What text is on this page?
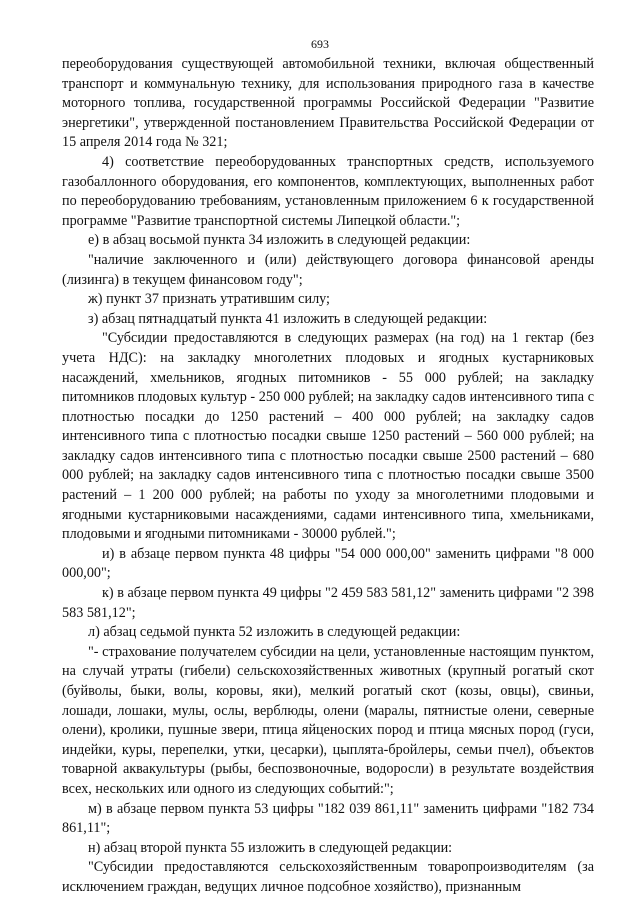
693

переоборудования существующей автомобильной техники, включая общественный транспорт и коммунальную технику, для использования природного газа в качестве моторного топлива, государственной программы Российской Федерации "Развитие энергетики", утвержденной постановлением Правительства Российской Федерации от 15 апреля 2014 года № 321;

4) соответствие переоборудованных транспортных средств, используемого газобаллонного оборудования, его компонентов, комплектующих, выполненных работ по переоборудованию требованиям, установленным приложением 6 к государственной программе "Развитие транспортной системы Липецкой области.";

е) в абзац восьмой пункта 34 изложить в следующей редакции:

"наличие заключенного и (или) действующего договора финансовой аренды (лизинга) в текущем финансовом году";

ж) пункт 37 признать утратившим силу;

з) абзац пятнадцатый пункта 41 изложить в следующей редакции:

"Субсидии предоставляются в следующих размерах (на год) на 1 гектар (без учета НДС): на закладку многолетних плодовых и ягодных кустарниковых насаждений, хмельников, ягодных питомников - 55 000 рублей; на закладку питомников плодовых культур - 250 000 рублей; на закладку садов интенсивного типа с плотностью посадки до 1250 растений – 400 000 рублей; на закладку садов интенсивного типа с плотностью посадки свыше 1250 растений – 560 000 рублей; на закладку садов интенсивного типа с плотностью посадки свыше 2500 растений – 680 000 рублей; на закладку садов интенсивного типа с плотностью посадки свыше 3500 растений – 1 200 000 рублей; на работы по уходу за многолетними плодовыми и ягодными кустарниковыми насаждениями, садами интенсивного типа, хмельниками, плодовыми и ягодными питомниками - 30000 рублей.";

и) в абзаце первом пункта 48 цифры "54 000 000,00" заменить цифрами "8 000 000,00";

к) в абзаце первом пункта 49 цифры "2 459 583 581,12" заменить цифрами "2 398 583 581,12";

л) абзац седьмой пункта 52 изложить в следующей редакции:

"- страхование получателем субсидии на цели, установленные настоящим пунктом, на случай утраты (гибели) сельскохозяйственных животных (крупный рогатый скот (буйволы, быки, волы, коровы, яки), мелкий рогатый скот (козы, овцы), свиньи, лошади, лошаки, мулы, ослы, верблюды, олени (маралы, пятнистые олени, северные олени), кролики, пушные звери, птица яйценоских пород и птица мясных пород (гуси, индейки, куры, перепелки, утки, цесарки), цыплята-бройлеры, семьи пчел), объектов товарной аквакультуры (рыбы, беспозвоночные, водоросли) в результате воздействия всех, нескольких или одного из следующих событий:";

м) в абзаце первом пункта 53 цифры "182 039 861,11" заменить цифрами "182 734 861,11";

н) абзац второй пункта 55 изложить в следующей редакции:

"Субсидии предоставляются сельскохозяйственным товаропроизводителям (за исключением граждан, ведущих личное подсобное хозяйство), признанным
